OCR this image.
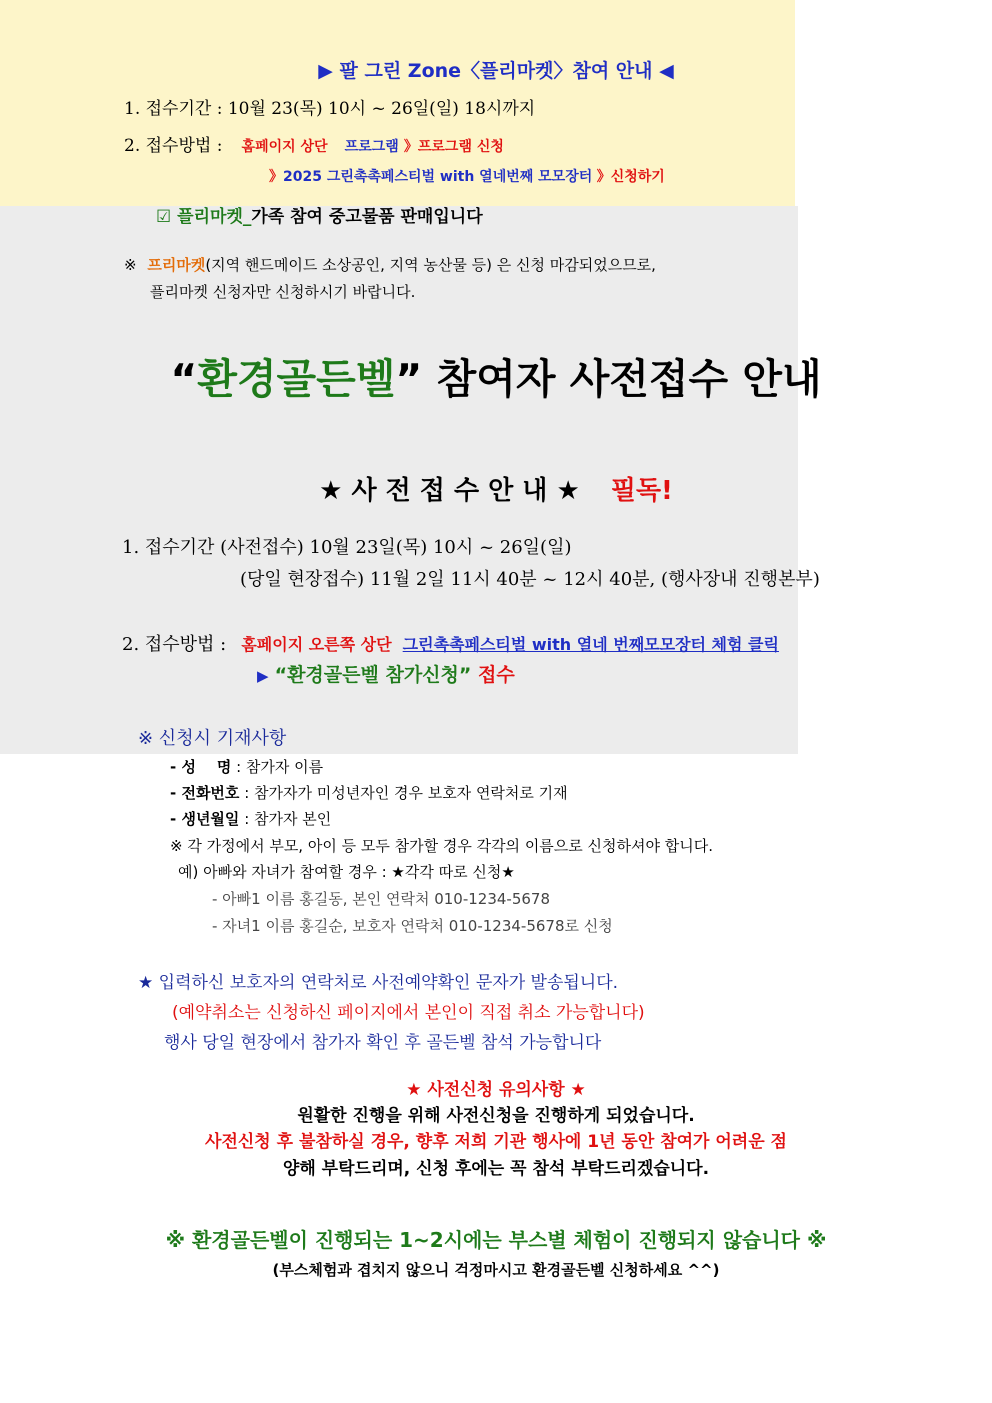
▶ 팔 그린 Zone〈플리마켓〉참여 안내 ◀
1. 접수기간 : 10월 23(목) 10시 ~ 26일(일) 18시까지
2. 접수방법 : 홈페이지 상단 프로그램 》프로그램 신청
》2025 그린촉촉페스티벌 with 열네번째 모모장터 》신청하기
☑ 플리마켓_가족 참여 중고물품 판매입니다
※ 프리마켓(지역 핸드메이드 소상공인, 지역 농산물 등) 은 신청 마감되었으므로,
플리마켓 신청자만 신청하시기 바랍니다.
“환경골든벨” 참여자 사전접수 안내
★ 사 전 접 수 안 내 ★ 필독!
1. 접수기간 (사전접수) 10월 23일(목) 10시 ~ 26일(일)
(당일 현장접수) 11월 2일 11시 40분 ~ 12시 40분, (행사장내 진행본부)
2. 접수방법 : 홈페이지 오른쪽 상단 그린촉촉페스티벌 with 열네 번째모모장터 체험 클릭
▶ “환경골든벨 참가신청” 접수
※ 신청시 기재사항
- 성    명 : 참가자 이름
- 전화번호 : 참가자가 미성년자인 경우 보호자 연락처로 기재
- 생년월일 : 참가자 본인
※ 각 가정에서 부모, 아이 등 모두 참가할 경우 각각의 이름으로 신청하셔야 합니다.
예) 아빠와 자녀가 참여할 경우 : ★각각 따로 신청★
- 아빠1 이름 홍길동, 본인 연락처 010-1234-5678
- 자녀1 이름 홍길순, 보호자 연락처 010-1234-5678로 신청
★ 입력하신 보호자의 연락처로 사전예약확인 문자가 발송됩니다.
(예약취소는 신청하신 페이지에서 본인이 직접 취소 가능합니다)
행사 당일 현장에서 참가자 확인 후 골든벨 참석 가능합니다
★ 사전신청 유의사항 ★
원활한 진행을 위해 사전신청을 진행하게 되었습니다.
사전신청 후 불참하실 경우, 향후 저희 기관 행사에 1년 동안 참여가 어려운 점
양해 부탁드리며, 신청 후에는 꼭 참석 부탁드리겠습니다.
※ 환경골든벨이 진행되는 1~2시에는 부스별 체험이 진행되지 않습니다 ※
(부스체험과 겹치지 않으니 걱정마시고 환경골든벨 신청하세요 ^^)
